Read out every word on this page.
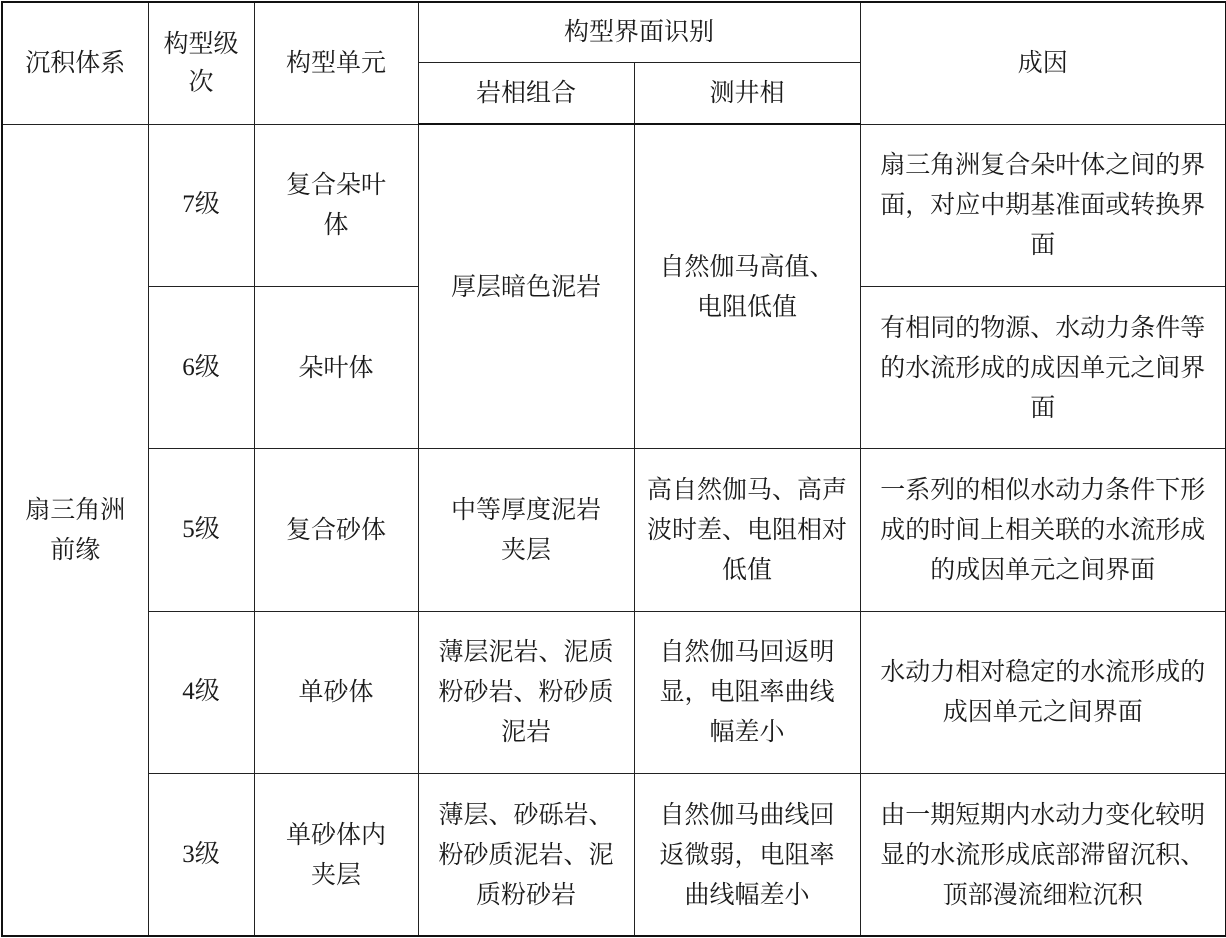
沉积体系	构型级次	构型单元	构型界面识别		成因
			岩相组合	测井相	
扇三角洲前缘	7级	复合朵叶体	厚层暗色泥岩	自然伽马高值、电阻低值	扇三角洲复合朵叶体之间的界面，对应中期基准面或转换界面
	6级	朵叶体			有相同的物源、水动力条件等的水流形成的成因单元之间界面
	5级	复合砂体	中等厚度泥岩夹层	高自然伽马、高声波时差、电阻相对低值	一系列的相似水动力条件下形成的时间上相关联的水流形成的成因单元之间界面
	4级	单砂体	薄层泥岩、泥质粉砂岩、粉砂质泥岩	自然伽马回返明显，电阻率曲线幅差小	水动力相对稳定的水流形成的成因单元之间界面
	3级	单砂体内夹层	薄层、砂砾岩、粉砂质泥岩、泥质粉砂岩	自然伽马曲线回返微弱，电阻率曲线幅差小	由一期短期内水动力变化较明显的水流形成底部滞留沉积、顶部漫流细粒沉积
